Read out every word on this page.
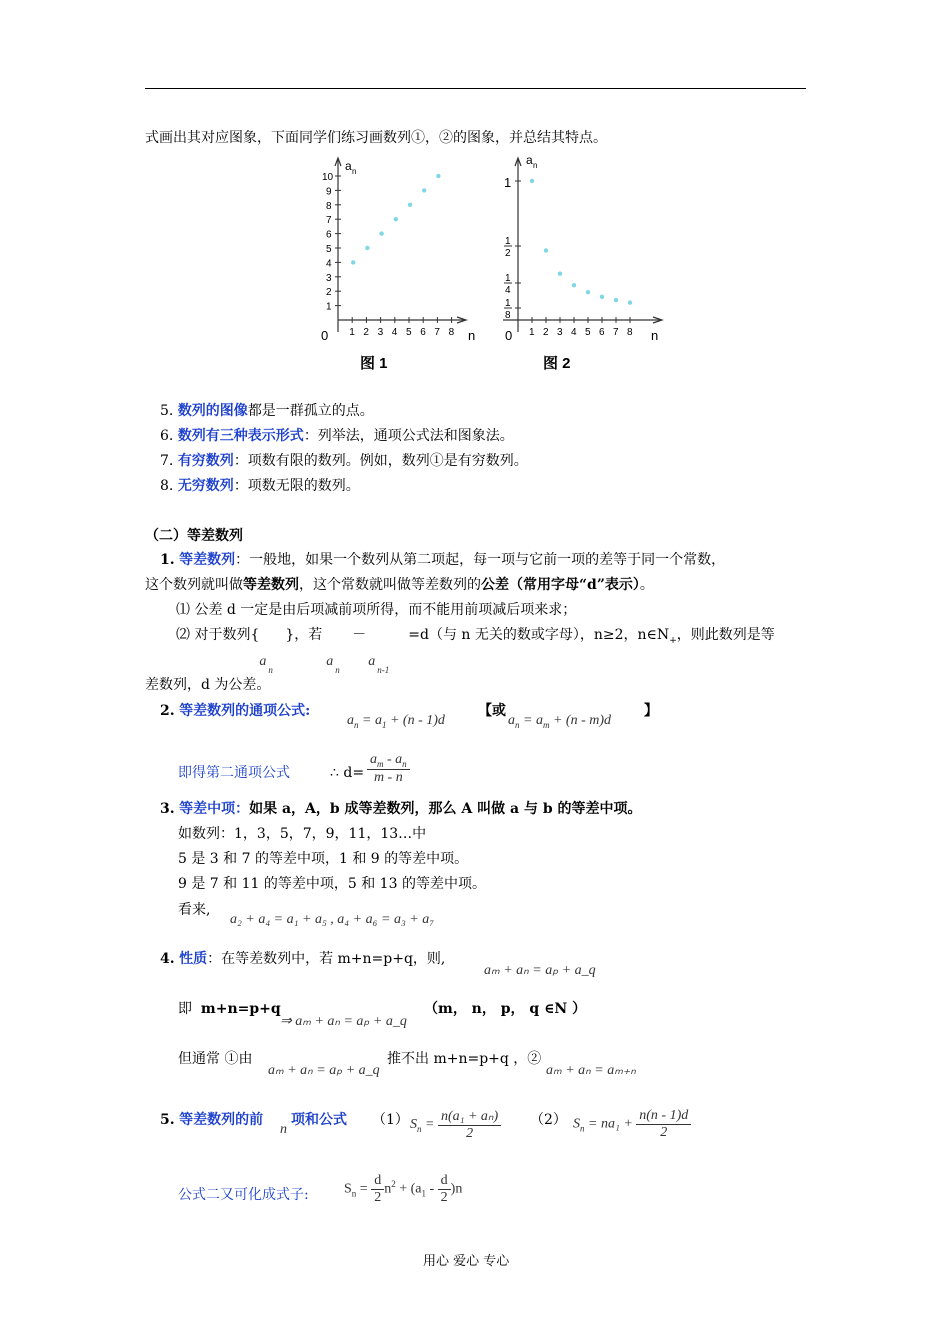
式画出其对应图象，下面同学们练习画数列①，②的图象，并总结其特点。
a n
n
0
1
2
3
4
5
6
7
8
9
10
1 2 3 4 5 6 7 8
图 1
a n
n
0
1
1
2
1
4
1
8
1 2 3 4 5 6 7 8
图 2
5. 数列的图像都是一群孤立的点。
6. 数列有三种表示形式：列举法，通项公式法和图象法。
7. 有穷数列：项数有限的数列。例如，数列①是有穷数列。
8. 无穷数列：项数无限的数列。
（二）等差数列
1. 等差数列：一般地，如果一个数列从第二项起，每一项与它前一项的差等于同一个常数，
这个数列就叫做等差数列，这个常数就叫做等差数列的公差（常用字母“d”表示）。
⑴ 公差 d 一定是由后项减前项所得，而不能用前项减后项来求；
⑵ 对于数列{
a
n
}，若
a
n
－
a
n-1
=d（与 n 无关的数或字母），n≥2，$n\in N_+$，则此数列是等
差数列，d 为公差。
2. 等差数列的通项公式:
$a_n = a_1 + (n - 1)d$
【或
$a_n = a_m + (n - m)d$
】
即得第二通项公式	∴ $d= \frac{a_m - a_n}{m - n}$
3. 等差中项：如果 a，A，b 成等差数列，那么 A 叫做 a 与 b 的等差中项。
如数列：1，3，5，7，9，11，13…中
5 是 3 和 7 的等差中项，1 和 9 的等差中项。
9 是 7 和 11 的等差中项，5 和 13 的等差中项。
看来,
a₂ + a₄ = a₁ + a₅ , a₄ + a₆ = a₃ + a₇
4. 性质：在等差数列中，若 m+n=p+q，则,
aₘ + aₙ = aₚ + a_q
即 m+n=p+q
⇒ aₘ + aₙ = aₚ + a_q
（m， n， p， q ∈N ）
但通常 ①由
aₘ + aₙ = aₚ + a_q
推不出 m+n=p+q ，②
aₘ + aₙ = aₘ₊ₙ
5. 等差数列的前
n
项和公式 （1） $S_n = \frac{\text{n(a₁ + aₙ)}}{2} (2) S_n = na_1 + \frac{n(n - 1)d}{2}$
公式二又可化成式子:	$S_n = \frac{d}{2} n^2 + (a_1 - \frac{d}{2} )n$
用心 爱心 专心
